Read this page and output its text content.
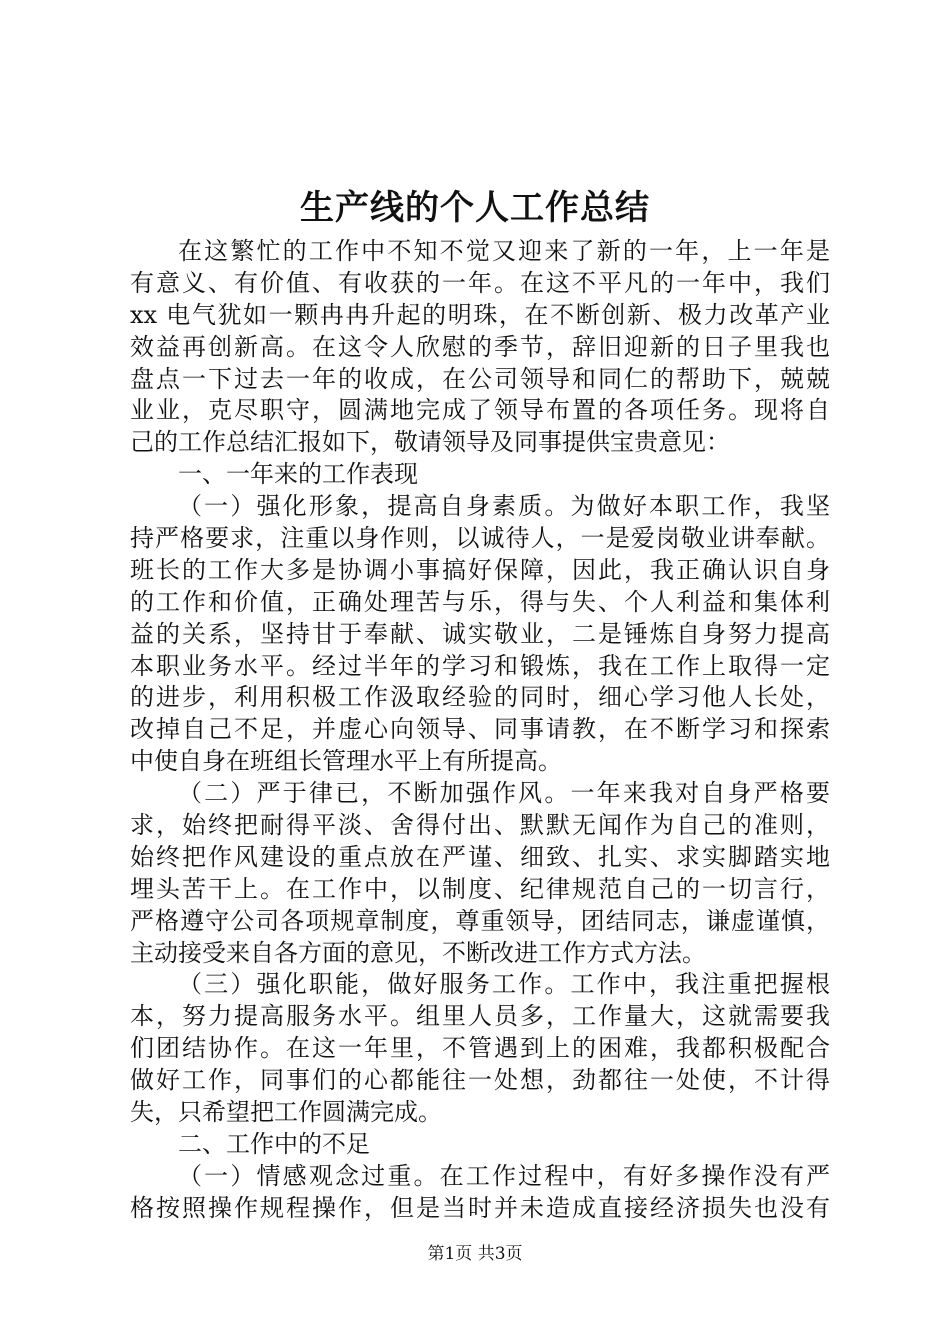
生产线的个人工作总结
在这繁忙的工作中不知不觉又迎来了新的一年，上一年是
有意义、有价值、有收获的一年。在这不平凡的一年中，我们
xx 电气犹如一颗冉冉升起的明珠，在不断创新、极力改革产业
效益再创新高。在这令人欣慰的季节，辞旧迎新的日子里我也
盘点一下过去一年的收成，在公司领导和同仁的帮助下，兢兢
业业，克尽职守，圆满地完成了领导布置的各项任务。现将自
己的工作总结汇报如下，敬请领导及同事提供宝贵意见：
一、一年来的工作表现
（一）强化形象，提高自身素质。为做好本职工作，我坚
持严格要求，注重以身作则，以诚待人，一是爱岗敬业讲奉献。
班长的工作大多是协调小事搞好保障，因此，我正确认识自身
的工作和价值，正确处理苦与乐，得与失、个人利益和集体利
益的关系，坚持甘于奉献、诚实敬业，二是锤炼自身努力提高
本职业务水平。经过半年的学习和锻炼，我在工作上取得一定
的进步，利用积极工作汲取经验的同时，细心学习他人长处，
改掉自己不足，并虚心向领导、同事请教，在不断学习和探索
中使自身在班组长管理水平上有所提高。
（二）严于律已，不断加强作风。一年来我对自身严格要
求，始终把耐得平淡、舍得付出、默默无闻作为自己的准则，
始终把作风建设的重点放在严谨、细致、扎实、求实脚踏实地
埋头苦干上。在工作中，以制度、纪律规范自己的一切言行，
严格遵守公司各项规章制度，尊重领导，团结同志，谦虚谨慎，
主动接受来自各方面的意见，不断改进工作方式方法。
（三）强化职能，做好服务工作。工作中，我注重把握根
本，努力提高服务水平。组里人员多，工作量大，这就需要我
们团结协作。在这一年里，不管遇到上的困难，我都积极配合
做好工作，同事们的心都能往一处想，劲都往一处使，不计得
失，只希望把工作圆满完成。
二、工作中的不足
（一）情感观念过重。在工作过程中，有好多操作没有严
格按照操作规程操作，但是当时并未造成直接经济损失也没有
第1页 共3页
